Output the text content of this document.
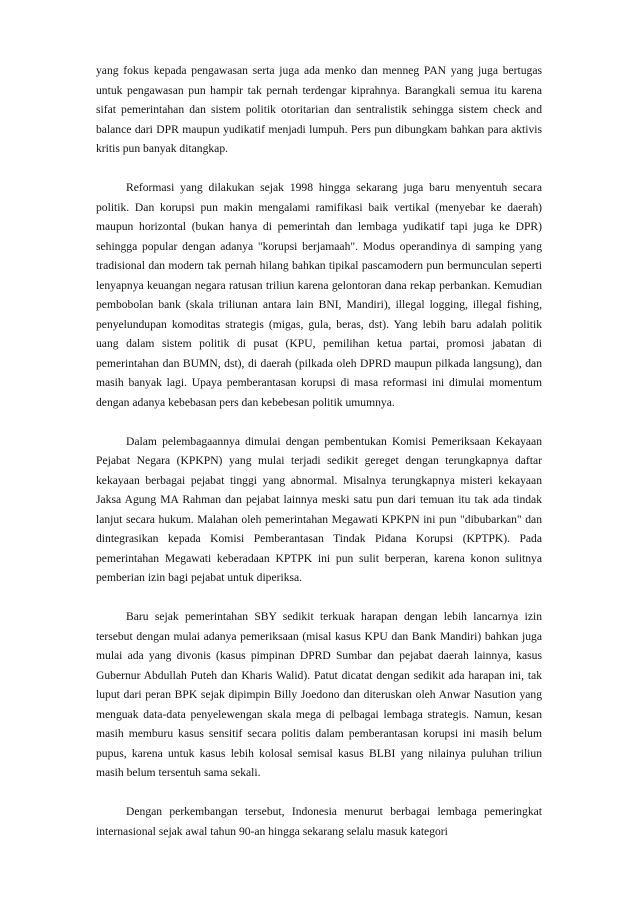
yang fokus kepada pengawasan serta juga ada menko dan menneg PAN yang juga bertugas untuk pengawasan pun hampir tak pernah terdengar kiprahnya. Barangkali semua itu karena sifat pemerintahan dan sistem politik otoritarian dan sentralistik sehingga sistem check and balance dari DPR maupun yudikatif menjadi lumpuh. Pers pun dibungkam bahkan para aktivis kritis pun banyak ditangkap.

Reformasi yang dilakukan sejak 1998 hingga sekarang juga baru menyentuh secara politik. Dan korupsi pun makin mengalami ramifikasi baik vertikal (menyebar ke daerah) maupun horizontal (bukan hanya di pemerintah dan lembaga yudikatif tapi juga ke DPR) sehingga popular dengan adanya "korupsi berjamaah". Modus operandinya di samping yang tradisional dan modern tak pernah hilang bahkan tipikal pascamodern pun bermunculan seperti lenyapnya keuangan negara ratusan triliun karena gelontoran dana rekap perbankan. Kemudian pembobolan bank (skala triliunan antara lain BNI, Mandiri), illegal logging, illegal fishing, penyelundupan komoditas strategis (migas, gula, beras, dst). Yang lebih baru adalah politik uang dalam sistem politik di pusat (KPU, pemilihan ketua partai, promosi jabatan di pemerintahan dan BUMN, dst), di daerah (pilkada oleh DPRD maupun pilkada langsung), dan masih banyak lagi. Upaya pemberantasan korupsi di masa reformasi ini dimulai momentum dengan adanya kebebasan pers dan kebebesan politik umumnya.

Dalam pelembagaannya dimulai dengan pembentukan Komisi Pemeriksaan Kekayaan Pejabat Negara (KPKPN) yang mulai terjadi sedikit gereget dengan terungkapnya daftar kekayaan berbagai pejabat tinggi yang abnormal. Misalnya terungkapnya misteri kekayaan Jaksa Agung MA Rahman dan pejabat lainnya meski satu pun dari temuan itu tak ada tindak lanjut secara hukum. Malahan oleh pemerintahan Megawati KPKPN ini pun "dibubarkan" dan dintegrasikan kepada Komisi Pemberantasan Tindak Pidana Korupsi (KPTPK). Pada pemerintahan Megawati keberadaan KPTPK ini pun sulit berperan, karena konon sulitnya pemberian izin bagi pejabat untuk diperiksa.

Baru sejak pemerintahan SBY sedikit terkuak harapan dengan lebih lancarnya izin tersebut dengan mulai adanya pemeriksaan (misal kasus KPU dan Bank Mandiri) bahkan juga mulai ada yang divonis (kasus pimpinan DPRD Sumbar dan pejabat daerah lainnya, kasus Gubernur Abdullah Puteh dan Kharis Walid). Patut dicatat dengan sedikit ada harapan ini, tak luput dari peran BPK sejak dipimpin Billy Joedono dan diteruskan oleh Anwar Nasution yang menguak data-data penyelewengan skala mega di pelbagai lembaga strategis. Namun, kesan masih memburu kasus sensitif secara politis dalam pemberantasan korupsi ini masih belum pupus, karena untuk kasus lebih kolosal semisal kasus BLBI yang nilainya puluhan triliun masih belum tersentuh sama sekali.

Dengan perkembangan tersebut, Indonesia menurut berbagai lembaga pemeringkat internasional sejak awal tahun 90-an hingga sekarang selalu masuk kategori
